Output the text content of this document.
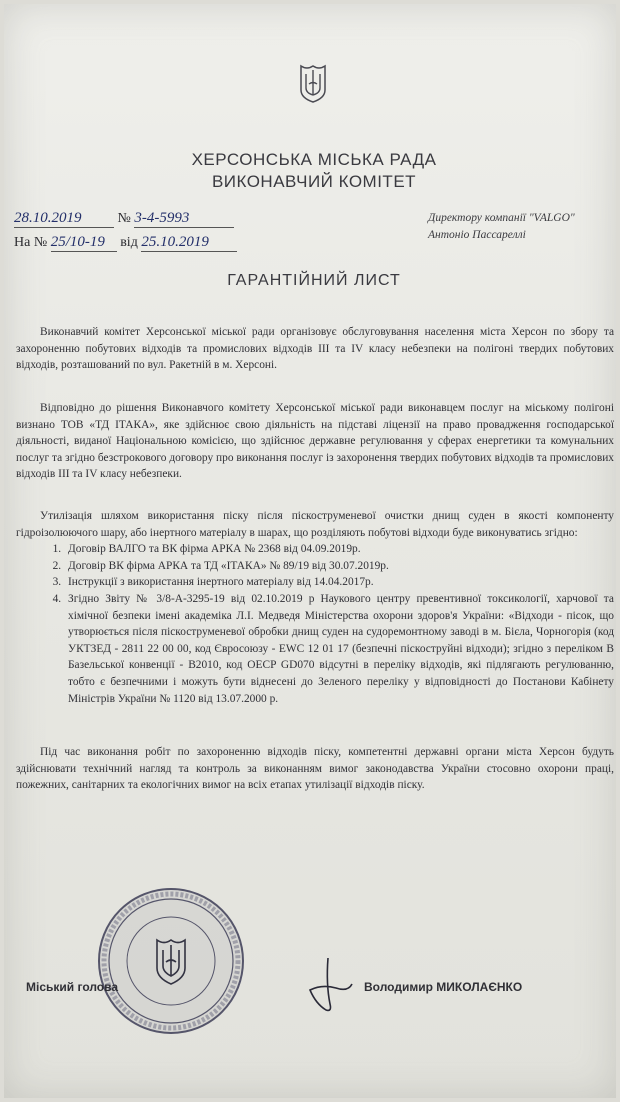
ХЕРСОНСЬКА МІСЬКА РАДА
ВИКОНАВЧИЙ КОМІТЕТ
28.10.2019	№ 3-4-5993
На № 25/10-19 від 25.10.2019
Директору компанії "VALGO"
Антоніо Пассареллі
ГАРАНТІЙНИЙ ЛИСТ

Виконавчий комітет Херсонської міської ради організовує обслуговування населення міста Херсон по збору та захороненню побутових відходів та промислових відходів ІІІ та IV класу небезпеки на полігоні твердих побутових відходів, розташований по вул. Ракетній в м. Херсоні.

Відповідно до рішення Виконавчого комітету Херсонської міської ради виконавцем послуг на міському полігоні визнано ТОВ «ТД ІТАКА», яке здійснює свою діяльність на підставі ліцензії на право провадження господарської діяльності, виданої Національною комісією, що здійснює державне регулювання у сферах енергетики та комунальних послуг та згідно безстрокового договору про виконання послуг із захоронення твердих побутових відходів та промислових відходів ІІІ та IV класу небезпеки.

Утилізація шляхом використання піску після піскоструменевої очистки днищ суден в якості компоненту гідроізолюючого шару, або інертного матеріалу в шарах, що розділяють побутові відходи буде виконуватись згідно:

1. Договір ВАЛГО та ВК фірма АРКА № 2368 від 04.09.2019р.
2. Договір ВК фірма АРКА та ТД «ІТАКА» № 89/19 від 30.07.2019р.
3. Інструкції з використання інертного матеріалу від 14.04.2017р.
4. Згідно Звіту № 3/8-А-3295-19 від 02.10.2019 р Наукового центру превентивної токсикології, харчової та хімічної безпеки імені академіка Л.І. Медведя Міністерства охорони здоров'я України: «Відходи - пісок, що утворюється після піскоструменевої обробки днищ суден на судоремонтному заводі в м. Бієла, Чорногорія (код УКТЗЕД - 2811 22 00 00, код Євросоюзу - EWC 12 01 17 (безпечні піскоструйні відходи); згідно з переліком В Базельської конвенції - B2010, код OECP GD070 відсутні в переліку відходів, які підлягають регулюванню, тобто є безпечними і можуть бути віднесені до Зеленого переліку у відповідності до Постанови Кабінету Міністрів України № 1120 від 13.07.2000 р.

Під час виконання робіт по захороненню відходів піску, компетентні державні органи міста Херсон будуть здійснювати технічний нагляд та контроль за виконанням вимог законодавства України стосовно охорони праці, пожежних, санітарних та екологічних вимог на всіх етапах утилізації відходів піску.

Міський голова	Володимир МИКОЛАЄНКО
